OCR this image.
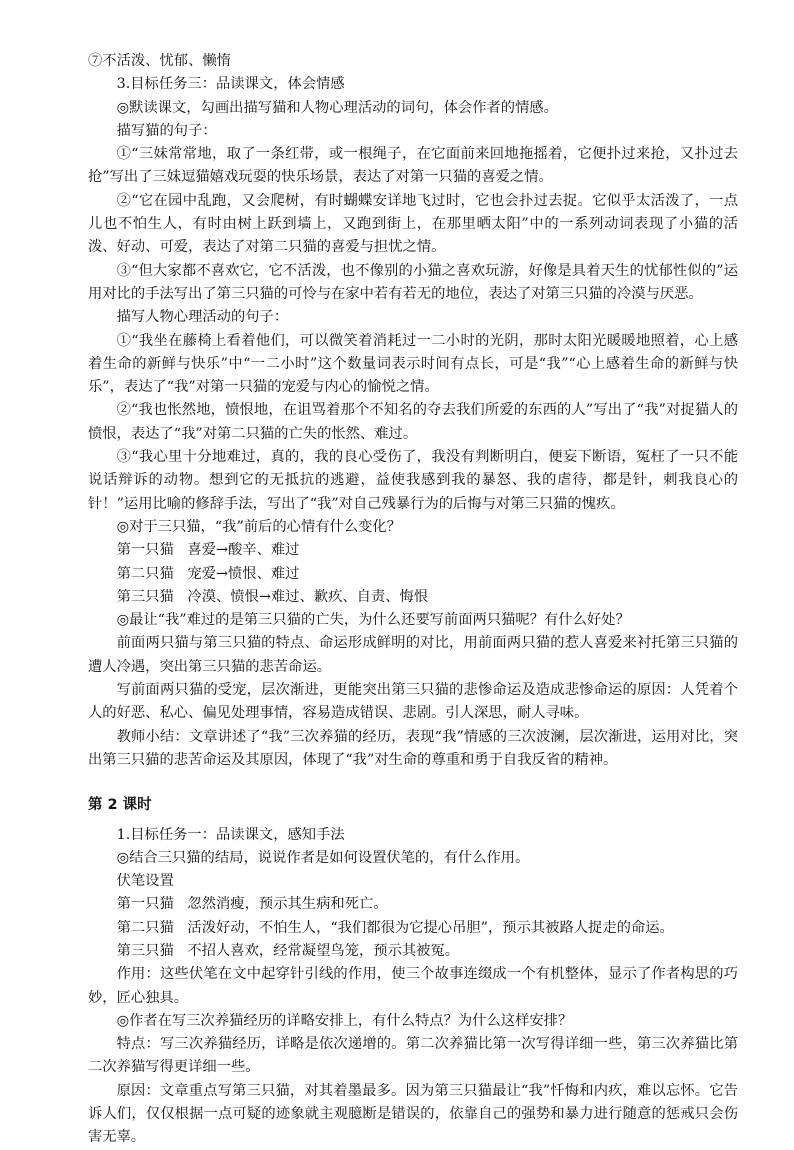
⑦不活泼、忧郁、懒惰

3.目标任务三：品读课文，体会情感

◎默读课文，勾画出描写猫和人物心理活动的词句，体会作者的情感。

描写猫的句子：

①“三妹常常地，取了一条红带，或一根绳子，在它面前来回地拖摇着，它便扑过来抢，又扑过去抢”写出了三妹逗猫嬉戏玩耍的快乐场景，表达了对第一只猫的喜爱之情。

②“它在园中乱跑，又会爬树，有时蝴蝶安详地飞过时，它也会扑过去捉。它似乎太活泼了，一点儿也不怕生人，有时由树上跃到墙上，又跑到街上，在那里晒太阳”中的一系列动词表现了小猫的活泼、好动、可爱，表达了对第二只猫的喜爱与担忧之情。

③“但大家都不喜欢它，它不活泼，也不像别的小猫之喜欢玩游，好像是具着天生的忧郁性似的”运用对比的手法写出了第三只猫的可怜与在家中若有若无的地位，表达了对第三只猫的冷漠与厌恶。

描写人物心理活动的句子：

①“我坐在藤椅上看着他们，可以微笑着消耗过一二小时的光阴，那时太阳光暖暖地照着，心上感着生命的新鲜与快乐”中“一二小时”这个数量词表示时间有点长，可是“我”“心上感着生命的新鲜与快乐”，表达了“我”对第一只猫的宠爱与内心的愉悦之情。

②“我也怅然地，愤恨地，在诅骂着那个不知名的夺去我们所爱的东西的人”写出了“我”对捉猫人的愤恨，表达了“我”对第二只猫的亡失的怅然、难过。

③“我心里十分地难过，真的，我的良心受伤了，我没有判断明白，便妄下断语，冤枉了一只不能说话辩诉的动物。想到它的无抵抗的逃避，益使我感到我的暴怒、我的虐待，都是针，刺我良心的针！”运用比喻的修辞手法，写出了“我”对自己残暴行为的后悔与对第三只猫的愧疚。

◎对于三只猫，“我”前后的心情有什么变化？

第一只猫 喜爱→酸辛、难过

第二只猫 宠爱→愤恨、难过

第三只猫 冷漠、愤恨→难过、歉疚、自责、悔恨

◎最让“我”难过的是第三只猫的亡失，为什么还要写前面两只猫呢？有什么好处？

前面两只猫与第三只猫的特点、命运形成鲜明的对比，用前面两只猫的惹人喜爱来衬托第三只猫的遭人冷遇，突出第三只猫的悲苦命运。

写前面两只猫的受宠，层次渐进，更能突出第三只猫的悲惨命运及造成悲惨命运的原因：人凭着个人的好恶、私心、偏见处理事情，容易造成错误、悲剧。引人深思，耐人寻味。

教师小结：文章讲述了“我”三次养猫的经历，表现“我”情感的三次波澜，层次渐进，运用对比，突出第三只猫的悲苦命运及其原因，体现了“我”对生命的尊重和勇于自我反省的精神。

第 2 课时

1.目标任务一：品读课文，感知手法

◎结合三只猫的结局，说说作者是如何设置伏笔的，有什么作用。

伏笔设置

第一只猫 忽然消瘦，预示其生病和死亡。

第二只猫 活泼好动，不怕生人，“我们都很为它提心吊胆”，预示其被路人捉走的命运。

第三只猫 不招人喜欢，经常凝望鸟笼，预示其被冤。

作用：这些伏笔在文中起穿针引线的作用，使三个故事连缀成一个有机整体，显示了作者构思的巧妙，匠心独具。

◎作者在写三次养猫经历的详略安排上，有什么特点？为什么这样安排？

特点：写三次养猫经历，详略是依次递增的。第二次养猫比第一次写得详细一些，第三次养猫比第二次养猫写得更详细一些。

原因：文章重点写第三只猫，对其着墨最多。因为第三只猫最让“我”忏悔和内疚，难以忘怀。它告诉人们，仅仅根据一点可疑的迹象就主观臆断是错误的，依靠自己的强势和暴力进行随意的惩戒只会伤害无辜。
